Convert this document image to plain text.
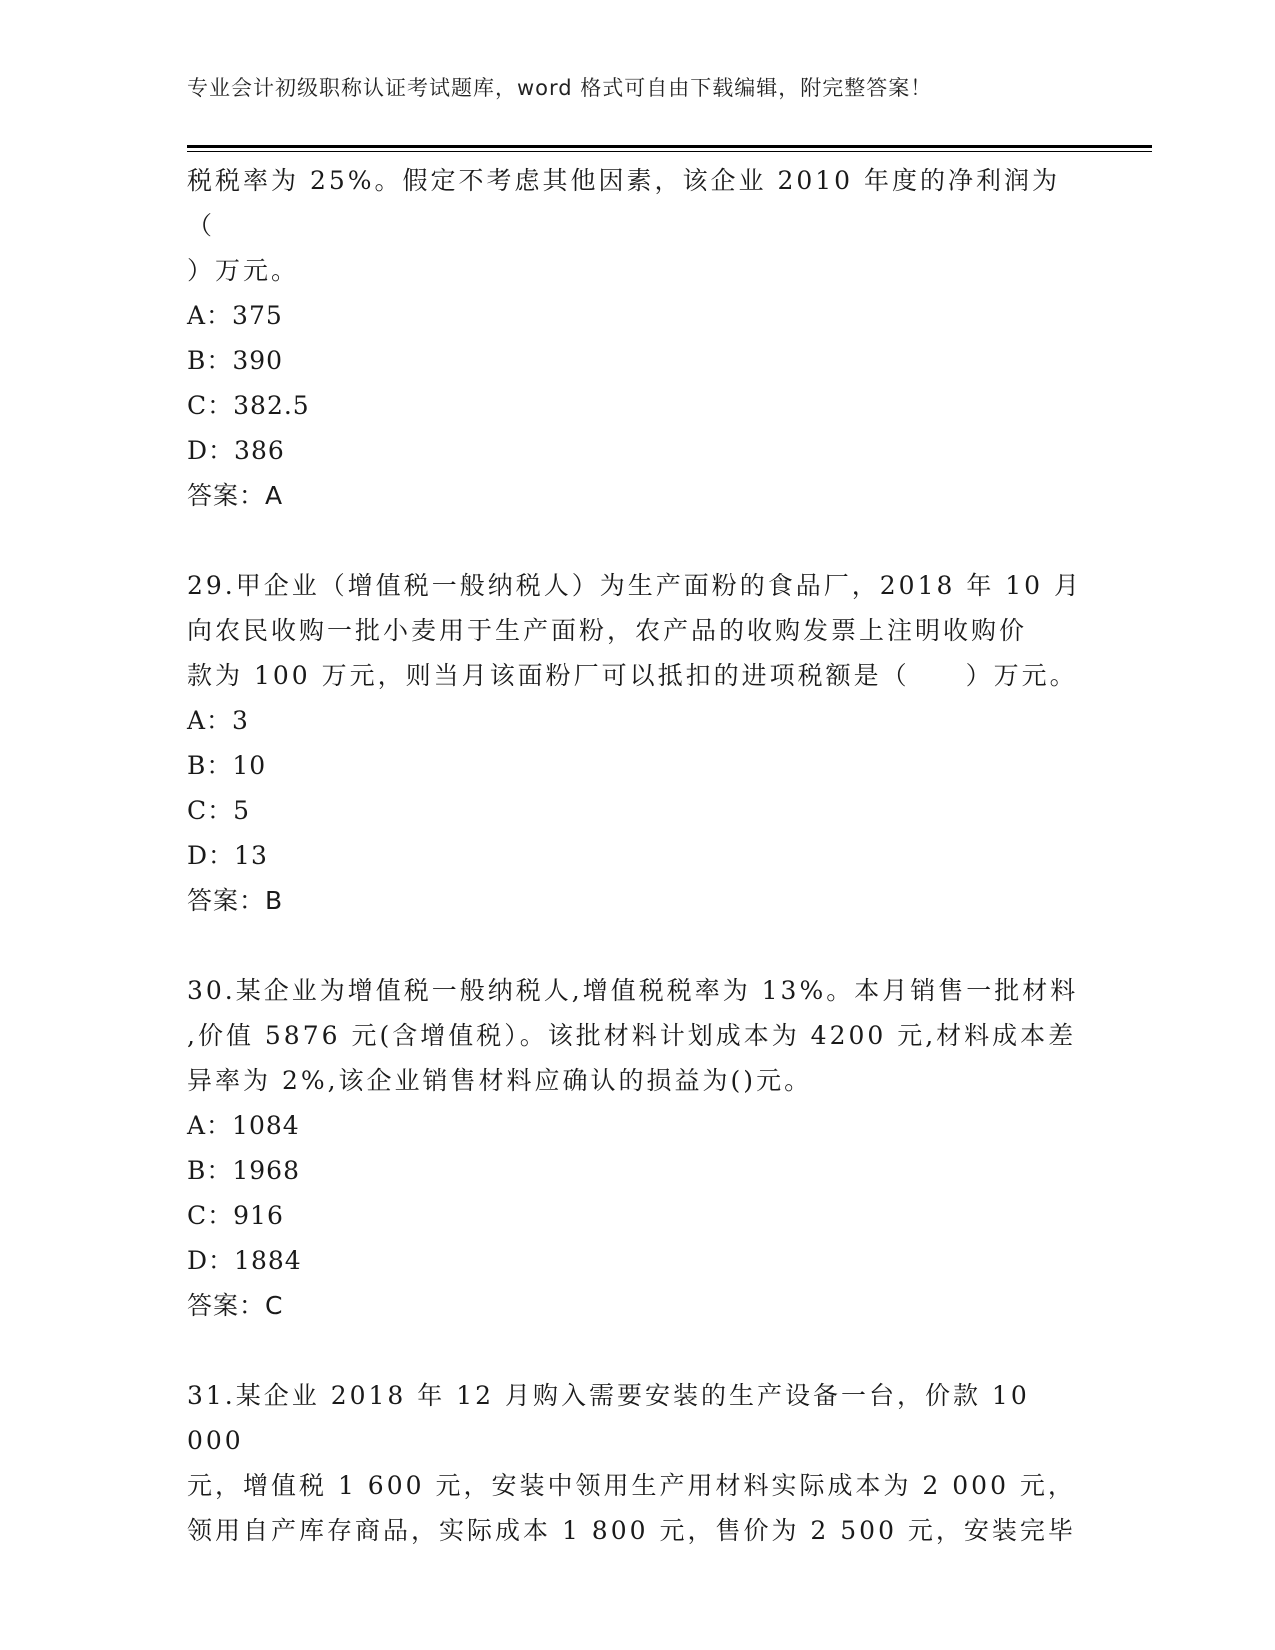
专业会计初级职称认证考试题库，word 格式可自由下载编辑，附完整答案！

税税率为 25%。假定不考虑其他因素，该企业 2010 年度的净利润为（

）万元。

A：375

B：390

C：382.5

D：386

答案：A

29.甲企业（增值税一般纳税人）为生产面粉的食品厂，2018 年 10 月

向农民收购一批小麦用于生产面粉，农产品的收购发票上注明收购价

款为 100 万元，则当月该面粉厂可以抵扣的进项税额是（　　）万元。

A：3

B：10

C：5

D：13

答案：B

30.某企业为增值税一般纳税人,增值税税率为 13%。本月销售一批材料

,价值 5876 元(含增值税）。该批材料计划成本为 4200 元,材料成本差

异率为 2%,该企业销售材料应确认的损益为()元。

A：1084

B：1968

C：916

D：1884

答案：C

31.某企业 2018 年 12 月购入需要安装的生产设备一台，价款 10 000

元，增值税 1 600 元，安装中领用生产用材料实际成本为 2 000 元，

领用自产库存商品，实际成本 1 800 元，售价为 2 500 元，安装完毕
